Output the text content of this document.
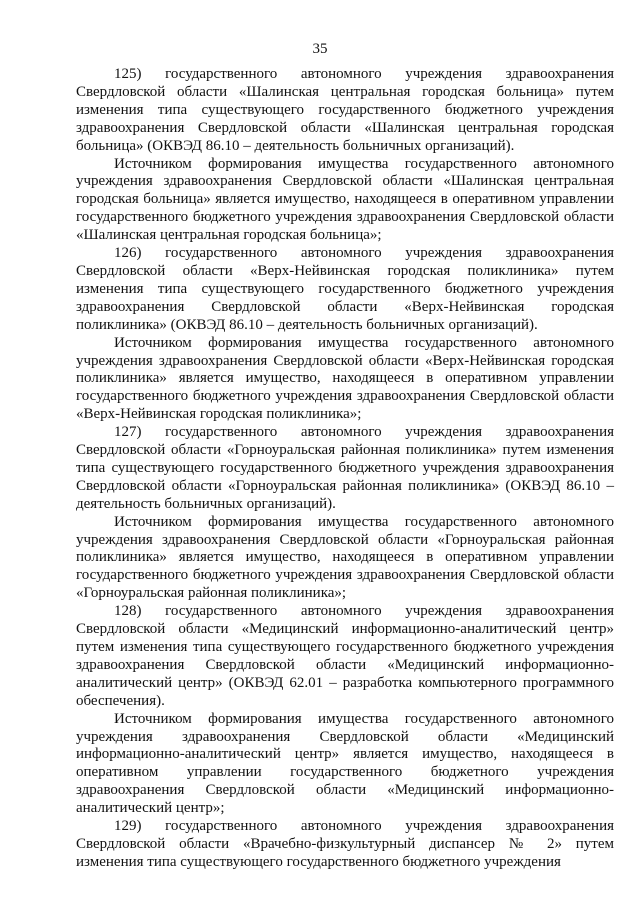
35

125) государственного автономного учреждения здравоохранения Свердловской области «Шалинская центральная городская больница» путем изменения типа существующего государственного бюджетного учреждения здравоохранения Свердловской области «Шалинская центральная городская больница» (ОКВЭД 86.10 – деятельность больничных организаций).

Источником формирования имущества государственного автономного учреждения здравоохранения Свердловской области «Шалинская центральная городская больница» является имущество, находящееся в оперативном управлении государственного бюджетного учреждения здравоохранения Свердловской области «Шалинская центральная городская больница»;

126) государственного автономного учреждения здравоохранения Свердловской области «Верх-Нейвинская городская поликлиника» путем изменения типа существующего государственного бюджетного учреждения здравоохранения Свердловской области «Верх-Нейвинская городская поликлиника» (ОКВЭД 86.10 – деятельность больничных организаций).

Источником формирования имущества государственного автономного учреждения здравоохранения Свердловской области «Верх-Нейвинская городская поликлиника» является имущество, находящееся в оперативном управлении государственного бюджетного учреждения здравоохранения Свердловской области «Верх-Нейвинская городская поликлиника»;

127) государственного автономного учреждения здравоохранения Свердловской области «Горноуральская районная поликлиника» путем изменения типа существующего государственного бюджетного учреждения здравоохранения Свердловской области «Горноуральская районная поликлиника» (ОКВЭД 86.10 – деятельность больничных организаций).

Источником формирования имущества государственного автономного учреждения здравоохранения Свердловской области «Горноуральская районная поликлиника» является имущество, находящееся в оперативном управлении государственного бюджетного учреждения здравоохранения Свердловской области «Горноуральская районная поликлиника»;

128) государственного автономного учреждения здравоохранения Свердловской области «Медицинский информационно-аналитический центр» путем изменения типа существующего государственного бюджетного учреждения здравоохранения Свердловской области «Медицинский информационно-аналитический центр» (ОКВЭД 62.01 – разработка компьютерного программного обеспечения).

Источником формирования имущества государственного автономного учреждения здравоохранения Свердловской области «Медицинский информационно-аналитический центр» является имущество, находящееся в оперативном управлении государственного бюджетного учреждения здравоохранения Свердловской области «Медицинский информационно-аналитический центр»;

129) государственного автономного учреждения здравоохранения Свердловской области «Врачебно-физкультурный диспансер № 2» путем изменения типа существующего государственного бюджетного учреждения
